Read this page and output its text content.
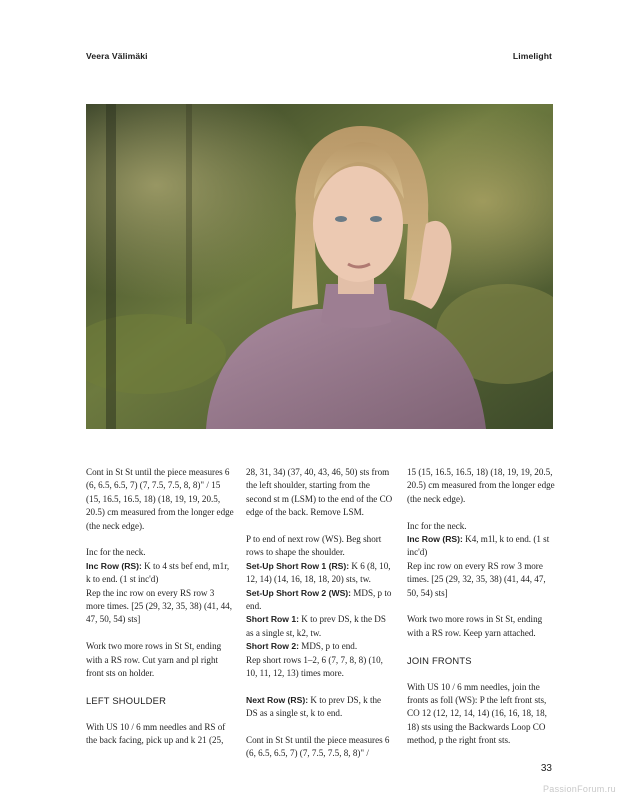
Veera Välimäki	Limelight

Cont in St St until the piece measures 6 (6, 6.5, 6.5, 7) (7, 7.5, 7.5, 8, 8)" / 15 (15, 16.5, 16.5, 18) (18, 19, 19, 20.5, 20.5) cm measured from the longer edge (the neck edge).

Inc for the neck.

Inc Row (RS): K to 4 sts bef end, m1r, k to end. (1 st inc'd)

Rep the inc row on every RS row 3 more times. [25 (29, 32, 35, 38) (41, 44, 47, 50, 54) sts]

Work two more rows in St St, ending with a RS row. Cut yarn and pl right front sts on holder.

LEFT SHOULDER

With US 10 / 6 mm needles and RS of the back facing, pick up and k 21 (25,

28, 31, 34) (37, 40, 43, 46, 50) sts from the left shoulder, starting from the second st m (LSM) to the end of the CO edge of the back. Remove LSM.

P to end of next row (WS). Beg short rows to shape the shoulder.

Set-Up Short Row 1 (RS): K 6 (8, 10, 12, 14) (14, 16, 18, 18, 20) sts, tw.

Set-Up Short Row 2 (WS): MDS, p to end.

Short Row 1: K to prev DS, k the DS as a single st, k2, tw.

Short Row 2: MDS, p to end.

Rep short rows 1–2, 6 (7, 7, 8, 8) (10, 10, 11, 12, 13) times more.

Next Row (RS): K to prev DS, k the DS as a single st, k to end.

Cont in St St until the piece measures 6 (6, 6.5, 6.5, 7) (7, 7.5, 7.5, 8, 8)" /

15 (15, 16.5, 16.5, 18) (18, 19, 19, 20.5, 20.5) cm measured from the longer edge (the neck edge).

Inc for the neck.

Inc Row (RS): K4, m1l, k to end. (1 st inc'd)

Rep inc row on every RS row 3 more times. [25 (29, 32, 35, 38) (41, 44, 47, 50, 54) sts]

Work two more rows in St St, ending with a RS row. Keep yarn attached.

JOIN FRONTS

With US 10 / 6 mm needles, join the fronts as foll (WS): P the left front sts, CO 12 (12, 12, 14, 14) (16, 16, 18, 18, 18) sts using the Backwards Loop CO method, p the right front sts.

33
PassionForum.ru
